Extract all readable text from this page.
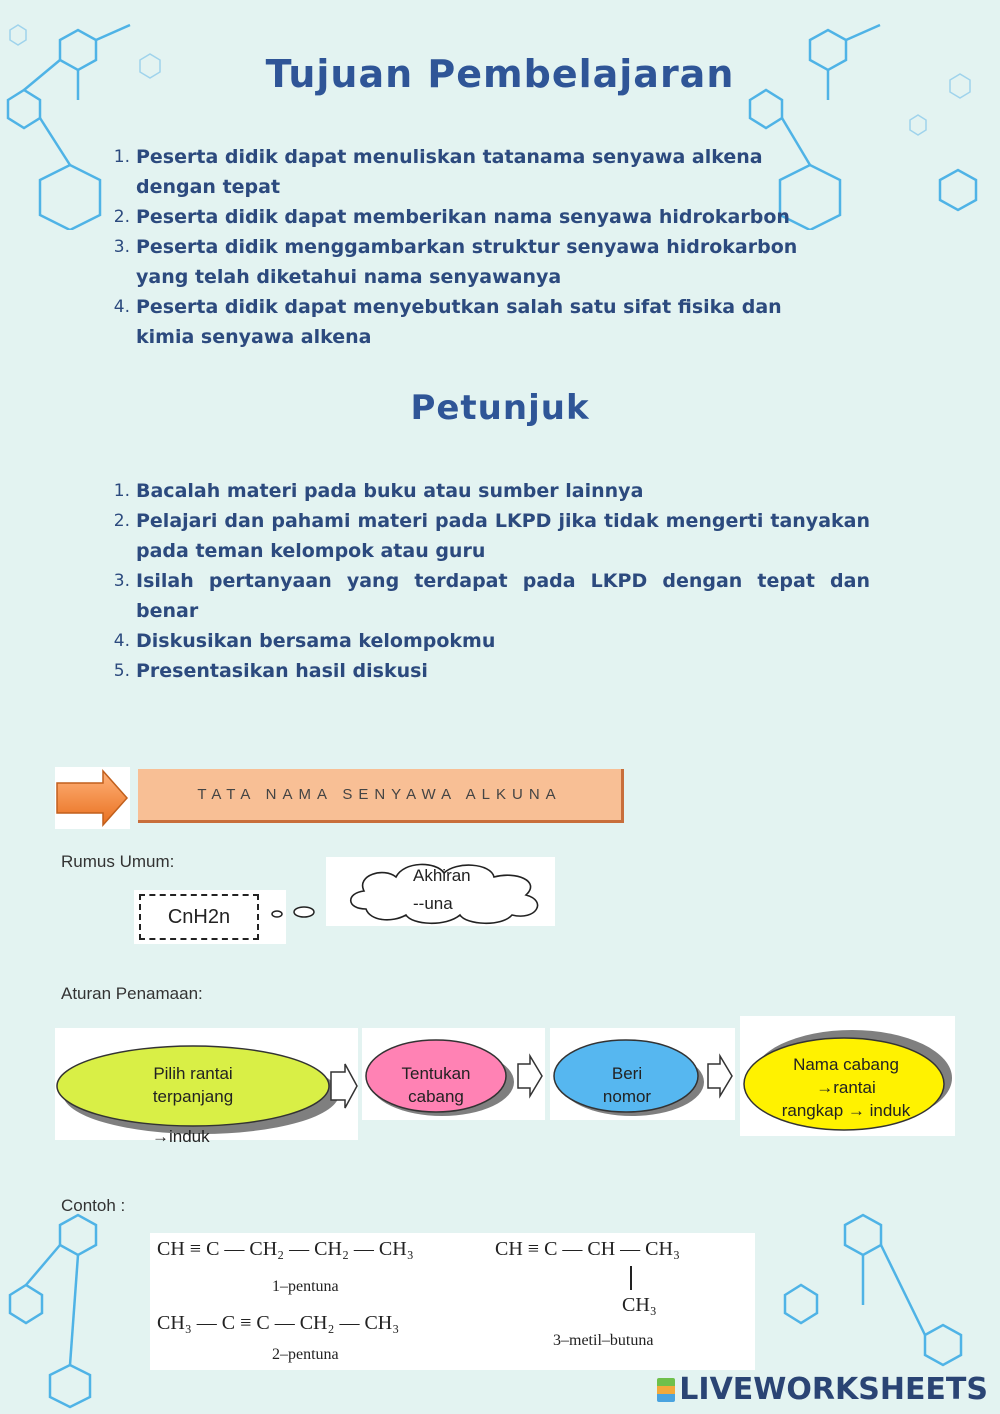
Tujuan Pembelajaran
1. Peserta didik dapat menuliskan tatanama senyawa alkena dengan tepat
2. Peserta didik dapat memberikan nama senyawa hidrokarbon
3. Peserta didik menggambarkan struktur senyawa hidrokarbon yang telah diketahui nama senyawanya
4. Peserta didik dapat menyebutkan salah satu sifat fisika dan kimia senyawa alkena
Petunjuk
1. Bacalah materi pada buku atau sumber lainnya
2. Pelajari dan pahami materi pada LKPD jika tidak mengerti tanyakan pada teman kelompok atau guru
3. Isilah pertanyaan yang terdapat pada LKPD dengan tepat dan benar
4. Diskusikan bersama kelompokmu
5. Presentasikan hasil diskusi
TATA NAMA SENYAWA ALKUNA
Rumus Umum:
CnH2n
Akhiran
--una
Aturan Penamaan:
Pilih rantai
terpanjang
→induk
Tentukan
cabang
Beri
nomor
Nama cabang
→rantai
rangkap → induk
Contoh :
CH ≡ C — CH₂ — CH₂ — CH₃
1–pentuna
CH₃ — C ≡ C — CH₂ — CH₃
2–pentuna
CH ≡ C — CH — CH₃
CH₃
3–metil–butuna
LIVEWORKSHEETS
